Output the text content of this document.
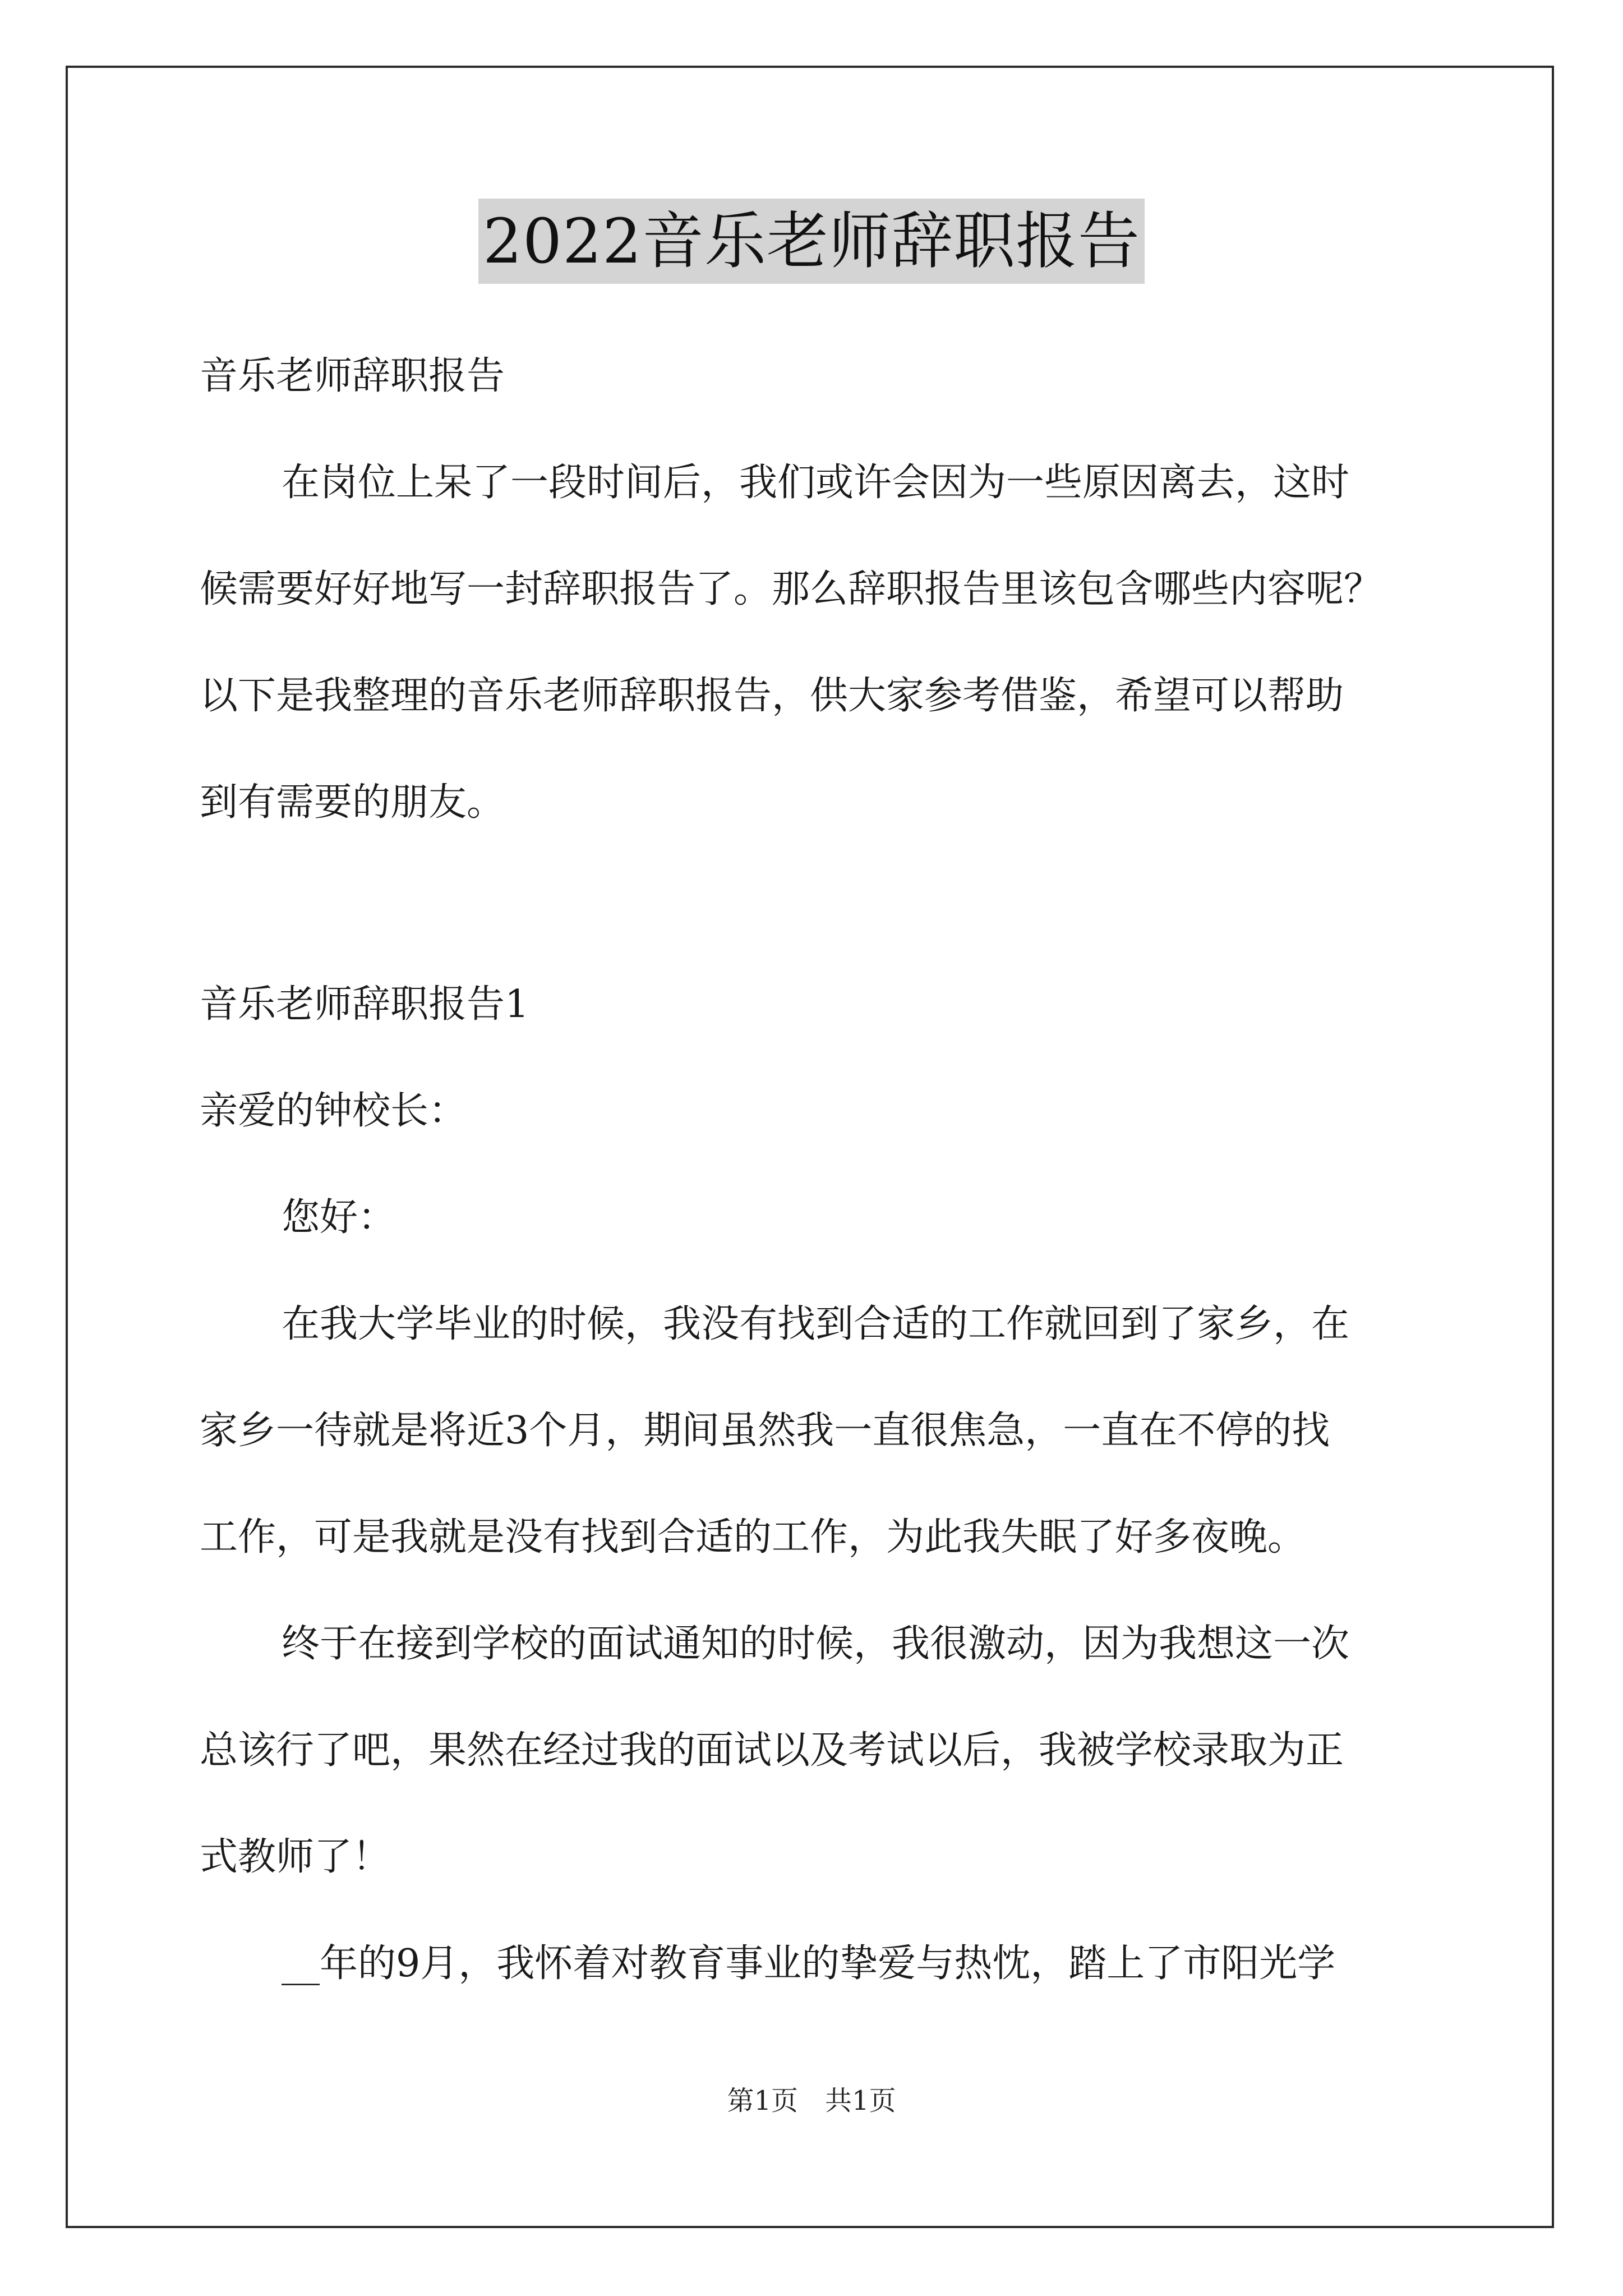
2022音乐老师辞职报告
音乐老师辞职报告
在岗位上呆了一段时间后，我们或许会因为一些原因离去，这时
候需要好好地写一封辞职报告了。那么辞职报告里该包含哪些内容呢？
以下是我整理的音乐老师辞职报告，供大家参考借鉴，希望可以帮助
到有需要的朋友。
音乐老师辞职报告1
亲爱的钟校长：
您好：
在我大学毕业的时候，我没有找到合适的工作就回到了家乡，在
家乡一待就是将近3个月，期间虽然我一直很焦急，一直在不停的找
工作，可是我就是没有找到合适的工作，为此我失眠了好多夜晚。
终于在接到学校的面试通知的时候，我很激动，因为我想这一次
总该行了吧，果然在经过我的面试以及考试以后，我被学校录取为正
式教师了！
__年的9月，我怀着对教育事业的挚爱与热忱，踏上了市阳光学
第1页　共1页
